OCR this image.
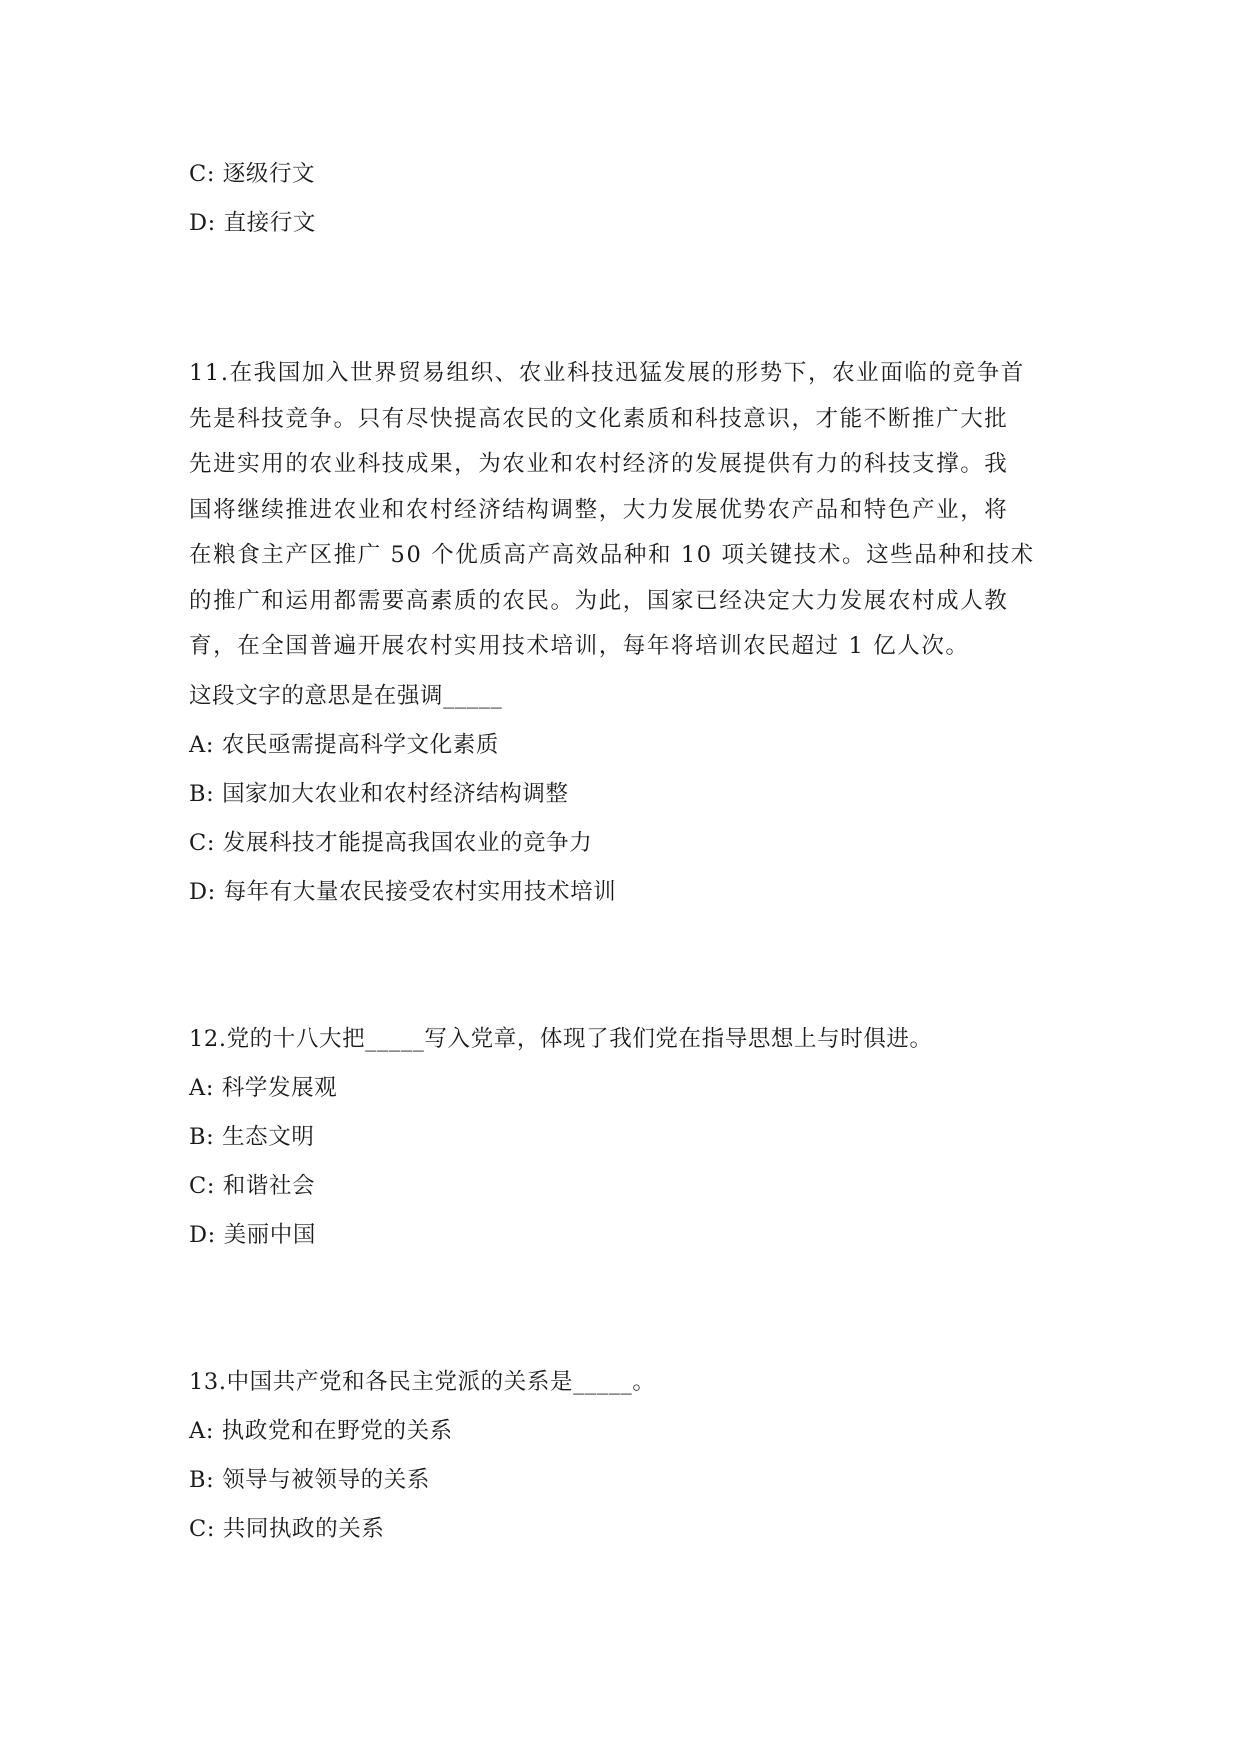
C: 逐级行文
D: 直接行文
11.在我国加入世界贸易组织、农业科技迅猛发展的形势下，农业面临的竞争首
先是科技竞争。只有尽快提高农民的文化素质和科技意识，才能不断推广大批
先进实用的农业科技成果，为农业和农村经济的发展提供有力的科技支撑。我
国将继续推进农业和农村经济结构调整，大力发展优势农产品和特色产业，将
在粮食主产区推广 50 个优质高产高效品种和 10 项关键技术。这些品种和技术
的推广和运用都需要高素质的农民。为此，国家已经决定大力发展农村成人教
育，在全国普遍开展农村实用技术培训，每年将培训农民超过 1 亿人次。
这段文字的意思是在强调_____
A: 农民亟需提高科学文化素质
B: 国家加大农业和农村经济结构调整
C: 发展科技才能提高我国农业的竞争力
D: 每年有大量农民接受农村实用技术培训
12.党的十八大把_____写入党章，体现了我们党在指导思想上与时俱进。
A: 科学发展观
B: 生态文明
C: 和谐社会
D: 美丽中国
13.中国共产党和各民主党派的关系是_____。
A: 执政党和在野党的关系
B: 领导与被领导的关系
C: 共同执政的关系
